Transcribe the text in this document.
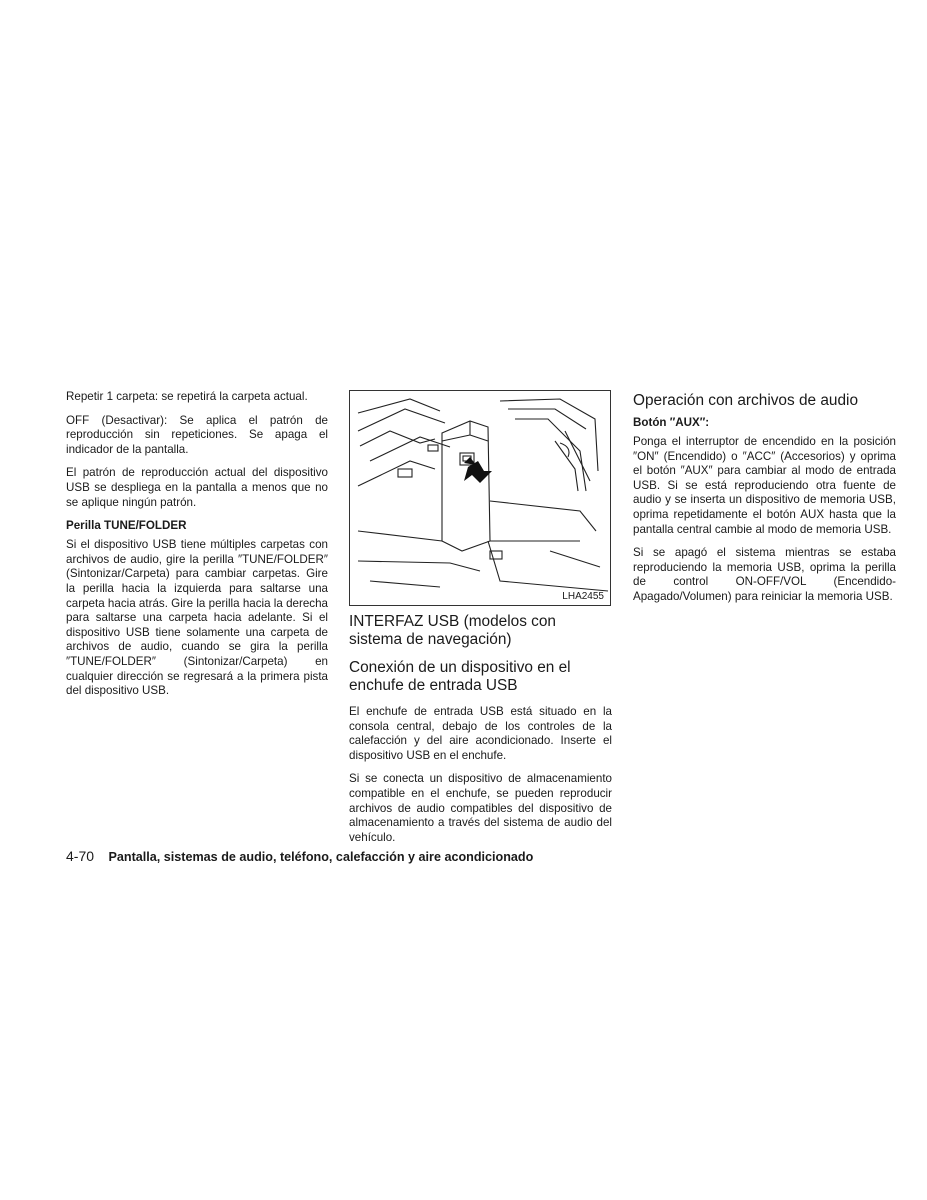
Repetir 1 carpeta: se repetirá la carpeta actual.

OFF (Desactivar): Se aplica el patrón de reproducción sin repeticiones. Se apaga el indicador de la pantalla.

El patrón de reproducción actual del dispositivo USB se despliega en la pantalla a menos que no se aplique ningún patrón.

Perilla TUNE/FOLDER

Si el dispositivo USB tiene múltiples carpetas con archivos de audio, gire la perilla ″TUNE/FOLDER″ (Sintonizar/Carpeta) para cambiar carpetas. Gire la perilla hacia la izquierda para saltarse una carpeta hacia atrás. Gire la perilla hacia la derecha para saltarse una carpeta hacia adelante. Si el dispositivo USB tiene solamente una carpeta de archivos de audio, cuando se gira la perilla ″TUNE/FOLDER″ (Sintonizar/Carpeta) en cualquier dirección se regresará a la primera pista del dispositivo USB.

LHA2455
INTERFAZ USB (modelos con sistema de navegación)
Conexión de un dispositivo en el enchufe de entrada USB

El enchufe de entrada USB está situado en la consola central, debajo de los controles de la calefacción y del aire acondicionado. Inserte el dispositivo USB en el enchufe.

Si se conecta un dispositivo de almacenamiento compatible en el enchufe, se pueden reproducir archivos de audio compatibles del dispositivo de almacenamiento a través del sistema de audio del vehículo.

Operación con archivos de audio
Botón ″AUX″:

Ponga el interruptor de encendido en la posición ″ON″ (Encendido) o ″ACC″ (Accesorios) y oprima el botón ″AUX″ para cambiar al modo de entrada USB. Si se está reproduciendo otra fuente de audio y se inserta un dispositivo de memoria USB, oprima repetidamente el botón AUX hasta que la pantalla central cambie al modo de memoria USB.

Si se apagó el sistema mientras se estaba reproduciendo la memoria USB, oprima la perilla de control ON-OFF/VOL (Encendido-Apagado/Volumen) para reiniciar la memoria USB.

4-70 Pantalla, sistemas de audio, teléfono, calefacción y aire acondicionado
